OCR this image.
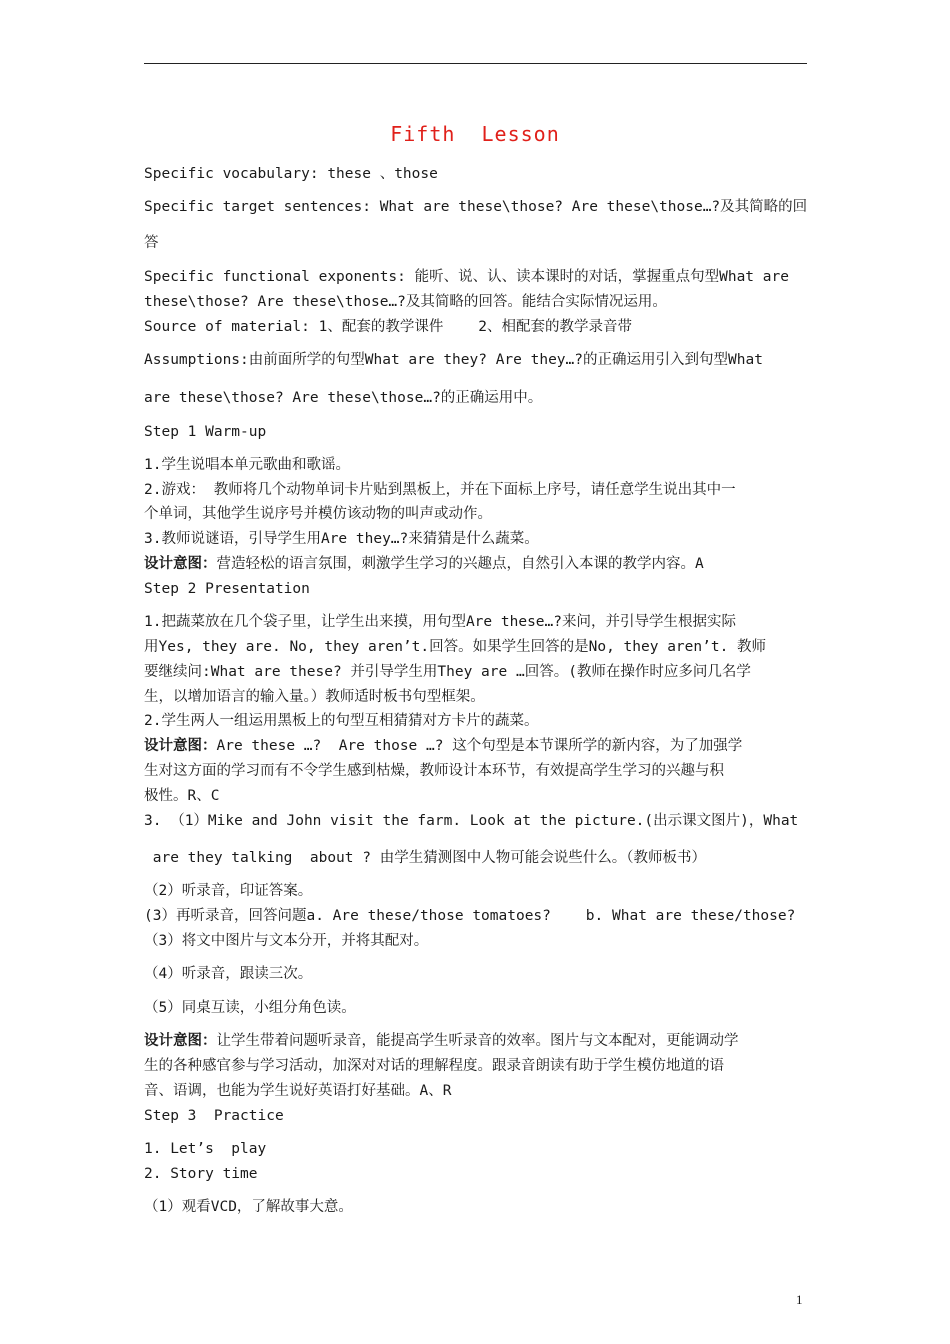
Fifth  Lesson
Specific vocabulary: these 、those
Specific target sentences: What are these\those? Are these\those…?及其简略的回
答
Specific functional exponents: 能听、说、认、读本课时的对话，掌握重点句型What are
these\those? Are these\those…?及其简略的回答。能结合实际情况运用。
Source of material: 1、配套的教学课件    2、相配套的教学录音带
Assumptions:由前面所学的句型What are they? Are they…?的正确运用引入到句型What
are these\those? Are these\those…?的正确运用中。
Step 1 Warm-up
1.学生说唱本单元歌曲和歌谣。
2.游戏： 教师将几个动物单词卡片贴到黑板上，并在下面标上序号，请任意学生说出其中一
个单词，其他学生说序号并模仿该动物的叫声或动作。
3.教师说谜语，引导学生用Are they…?来猜猜是什么蔬菜。
设计意图：营造轻松的语言氛围，刺激学生学习的兴趣点，自然引入本课的教学内容。A
Step 2 Presentation
1.把蔬菜放在几个袋子里，让学生出来摸，用句型Are these…?来问，并引导学生根据实际
用Yes, they are. No, they aren’t.回答。如果学生回答的是No, they aren’t. 教师
要继续问:What are these? 并引导学生用They are …回答。(教师在操作时应多问几名学
生，以增加语言的输入量。）教师适时板书句型框架。
2.学生两人一组运用黑板上的句型互相猜猜对方卡片的蔬菜。
设计意图：Are these …?  Are those …? 这个句型是本节课所学的新内容，为了加强学
生对这方面的学习而有不令学生感到枯燥，教师设计本环节，有效提高学生学习的兴趣与积
极性。R、C
3. （1）Mike and John visit the farm. Look at the picture.(出示课文图片)，What
are they talking  about ? 由学生猜测图中人物可能会说些什么。（教师板书）
（2）听录音，印证答案。
(3）再听录音，回答问题a. Are these/those tomatoes?    b. What are these/those?
（3）将文中图片与文本分开，并将其配对。
（4）听录音，跟读三次。
（5）同桌互读，小组分角色读。
设计意图：让学生带着问题听录音，能提高学生听录音的效率。图片与文本配对，更能调动学
生的各种感官参与学习活动，加深对对话的理解程度。跟录音朗读有助于学生模仿地道的语
音、语调，也能为学生说好英语打好基础。A、R
Step 3  Practice
1. Let’s  play
2. Story time
（1）观看VCD，了解故事大意。
1
